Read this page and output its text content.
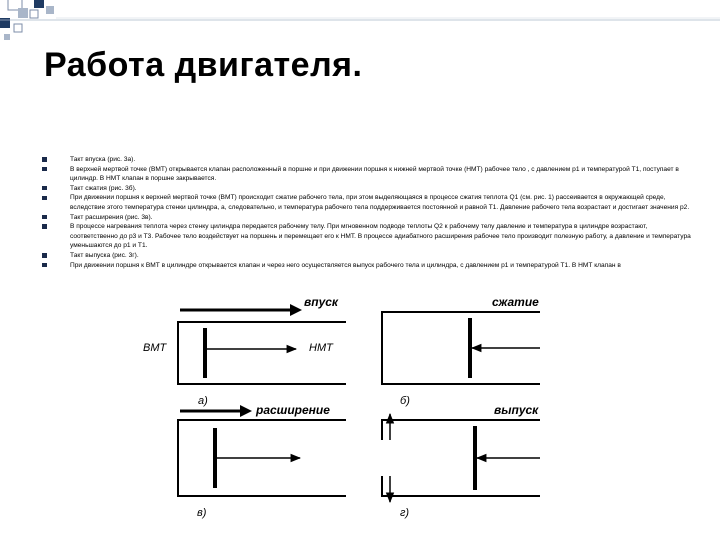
Работа двигателя.
Такт впуска (рис. 3а).
В верхней мертвой точке (ВМТ) открывается клапан расположенный в поршне и при движении поршня к нижней мертвой точке (НМТ) рабочее тело , с давлением р1 и температурой Т1, поступает в цилиндр. В НМТ клапан в поршне закрывается.
Такт сжатия (рис. 3б).
При движении поршня к верхней мертвой точке (ВМТ) происходит сжатие рабочего тела, при этом выделяющаяся в процессе сжатия теплота Q1 (см. рис. 1) рассеивается в окружающей среде, вследствие этого температура стенки цилиндра, а, следовательно, и температура рабочего тела поддерживается постоянной и равной Т1. Давление рабочего тела возрастает и достигает значения р2.
Такт расширения (рис. 3в).
В процессе нагревания теплота через стенку цилиндра передается рабочему телу. При мгновенном подводе теплоты Q2 к рабочему телу давление и температура в цилиндре возрастают, соответственно до р3 и Т3. Рабочее тело воздействует на поршень и перемещает его к НМТ. В процессе адиабатного расширения рабочее тело производит полезную работу, а давление и температура уменьшаются до р1 и Т1.
Такт выпуска (рис. 3г).
При движении поршня к ВМТ в цилиндре открывается клапан и через него осуществляется выпуск рабочего тела и цилиндра, с давлением р1 и температурой Т1. В НМТ клапан в
впуск
ВМТ	НМТ
а)
сжатие
б)
расширение
в)
выпуск
г)
